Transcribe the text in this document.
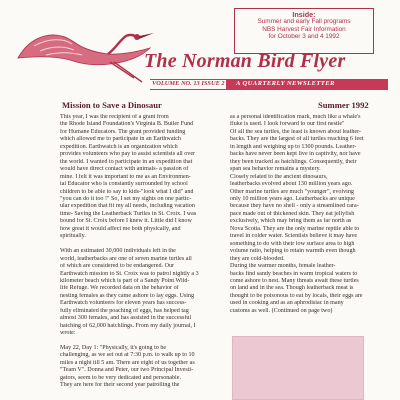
Inside:
Summer and early Fall programs
NBS Harvest Fair Information
for October 3 and 4 1992
The Norman Bird Flyer
VOLUME NO. 13 ISSUE 2 A QUARTERLY NEWSLETTER
Mission to Save a Dinosaur	Summer 1992
This year, I was the recipient of a grant from
the Rhode Island Foundation's Virginia B. Butler Fund
for Humane Educators. The grant provided funding
which allowed me to participate in an Earthwatch
expedition. Earthwatch is an organization which
provides volunteers who pay to assist scientists all over
the world. I wanted to participate in an expedition that
would have direct contact with animals- a passion of
mine. I felt it was important to me as an Environmen-
tal Educator who is constantly surrounded by school
children to be able to say to kids-"look what I did" and
"you can do it too !" So, I set my sights on one partic-
ular expedition that fit my all needs, including vacation
time- Saving the Leatherback Turtles in St. Croix. I was
bound for St. Croix before I knew it. Little did I know
how great it would affect me both physically, and
spiritually.
With an estimated 30,000 individuals left in the
world, leatherbacks are one of seven marine turtles all
of which are considered to be endangered. Our
Earthwatch mission to St. Croix was to patrol nightly a 3
kilometer beach which is part of a Sandy Point Wild-
life Refuge. We recorded data on the behavior of
nesting females as they came ashore to lay eggs. Using
Earthwatch volunteers for eleven years has success-
fully eliminated the poaching of eggs, has helped tag
almost 300 females, and has assisted in the successful
hatching of 62,000 hatchlings. From my daily journal, I
wrote:
May 22, Day 1: "Physically, it's going to be
challenging, as we set out at 7:30 p.m. to walk up to 10
miles a night till 5 am. There are eight of us together as
"Team V". Donna and Peter, our two Principal Investi-
gators, seem to be very dedicated and personable.
They are here for their second year patrolling the
as a personal identification mark, much like a whale's
fluke is used. I look forward to our first nestle"
Of all the sea turtles, the least is known about leather-
backs. They are the largest of all turtles reaching 6 feet
in length and weighing up to 1300 pounds. Leather-
backs have never been kept live in captivity, nor have
they been tracked as hatchlings. Consequently, their
span sea behavior remains a mystery.
Closely related to the ancient dinosaurs,
leatherbacks evolved about 130 million years ago.
Other marine turtles are much "younger", evolving
only 10 million years ago. Leatherbacks are unique
because they have no shell - only a streamlined cara-
pace made out of thickened skin. They eat jellyfish
exclusively, which may bring them as far north as
Nova Scotia. They are the only marine reptile able to
travel in colder water. Scientists believe it may have
something to do with their low surface area to high
volume ratio, helping to retain warmth even though
they are cold-blooded.
During the warmer months, female leather-
backs find sandy beaches in warm tropical waters to
come ashore to nest. Many threats await these turtles
on land and in the sea. Though leatherback meat is
thought to be poisonous to eat by locals, their eggs are
used in cooking and as an aphrodisiac in many
customs as well. (Continued on page two)
